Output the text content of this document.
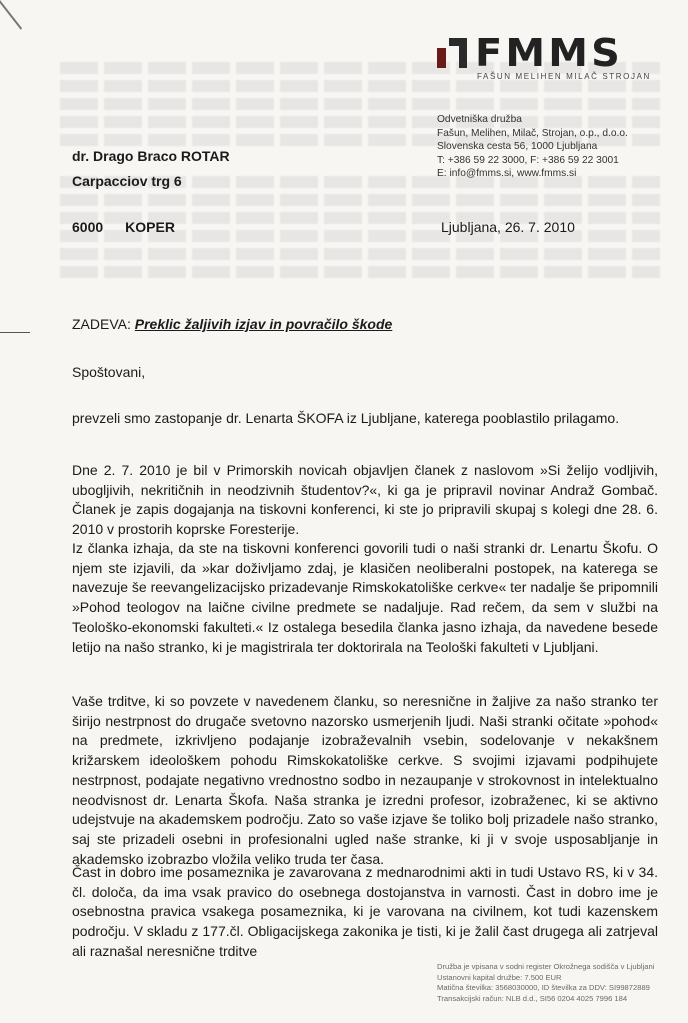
FMMS
FAŠUN MELIHEN MILAČ STROJAN
Odvetniška družba
Fašun, Melihen, Milač, Strojan, o.p., d.o.o.
Slovenska cesta 56, 1000 Ljubljana
T: +386 59 22 3000, F: +386 59 22 3001
E: info@fmms.si, www.fmms.si
dr. Drago Braco ROTAR
Carpacciov trg 6
6000 KOPER	Ljubljana, 26. 7. 2010
ZADEVA: Preklic žaljivih izjav in povračilo škode
Spoštovani,
prevzeli smo zastopanje dr. Lenarta ŠKOFA iz Ljubljane, katerega pooblastilo prilagamo.
Dne 2. 7. 2010 je bil v Primorskih novicah objavljen članek z naslovom »Si želijo vodljivih, ubogljivih, nekritičnih in neodzivnih študentov?«, ki ga je pripravil novinar Andraž Gombač. Članek je zapis dogajanja na tiskovni konferenci, ki ste jo pripravili skupaj s kolegi dne 28. 6. 2010 v prostorih koprske Foresterije.
Iz članka izhaja, da ste na tiskovni konferenci govorili tudi o naši stranki dr. Lenartu Škofu. O njem ste izjavili, da »kar doživljamo zdaj, je klasičen neoliberalni postopek, na katerega se navezuje še reevangelizacijsko prizadevanje Rimskokatoliške cerkve« ter nadalje še pripomnili »Pohod teologov na laične civilne predmete se nadaljuje. Rad rečem, da sem v službi na Teološko-ekonomski fakulteti.« Iz ostalega besedila članka jasno izhaja, da navedene besede letijo na našo stranko, ki je magistrirala ter doktorirala na Teološki fakulteti v Ljubljani.
Vaše trditve, ki so povzete v navedenem članku, so neresnične in žaljive za našo stranko ter širijo nestrpnost do drugače svetovno nazorsko usmerjenih ljudi. Naši stranki očitate »pohod« na predmete, izkrivljeno podajanje izobraževalnih vsebin, sodelovanje v nekakšnem križarskem ideološkem pohodu Rimskokatoliške cerkve. S svojimi izjavami podpihujete nestrpnost, podajate negativno vrednostno sodbo in nezaupanje v strokovnost in intelektualno neodvisnost dr. Lenarta Škofa. Naša stranka je izredni profesor, izobraženec, ki se aktivno udejstvuje na akademskem področju. Zato so vaše izjave še toliko bolj prizadele našo stranko, saj ste prizadeli osebni in profesionalni ugled naše stranke, ki ji v svoje usposabljanje in akademsko izobrazbo vložila veliko truda ter časa.
Čast in dobro ime posameznika je zavarovana z mednarodnimi akti in tudi Ustavo RS, ki v 34. čl. določa, da ima vsak pravico do osebnega dostojanstva in varnosti. Čast in dobro ime je osebnostna pravica vsakega posameznika, ki je varovana na civilnem, kot tudi kazenskem področju. V skladu z 177.čl. Obligacijskega zakonika je tisti, ki je žalil čast drugega ali zatrjeval ali raznašal neresnične trditve
Družba je vpisana v sodni register Okrožnega sodišča v Ljubljani
Ustanovni kapital družbe: 7.500 EUR
Matična številka: 3568030000, ID številka za DDV: SI99872889
Transakcijski račun: NLB d.d., SI56 0204 4025 7996 184
